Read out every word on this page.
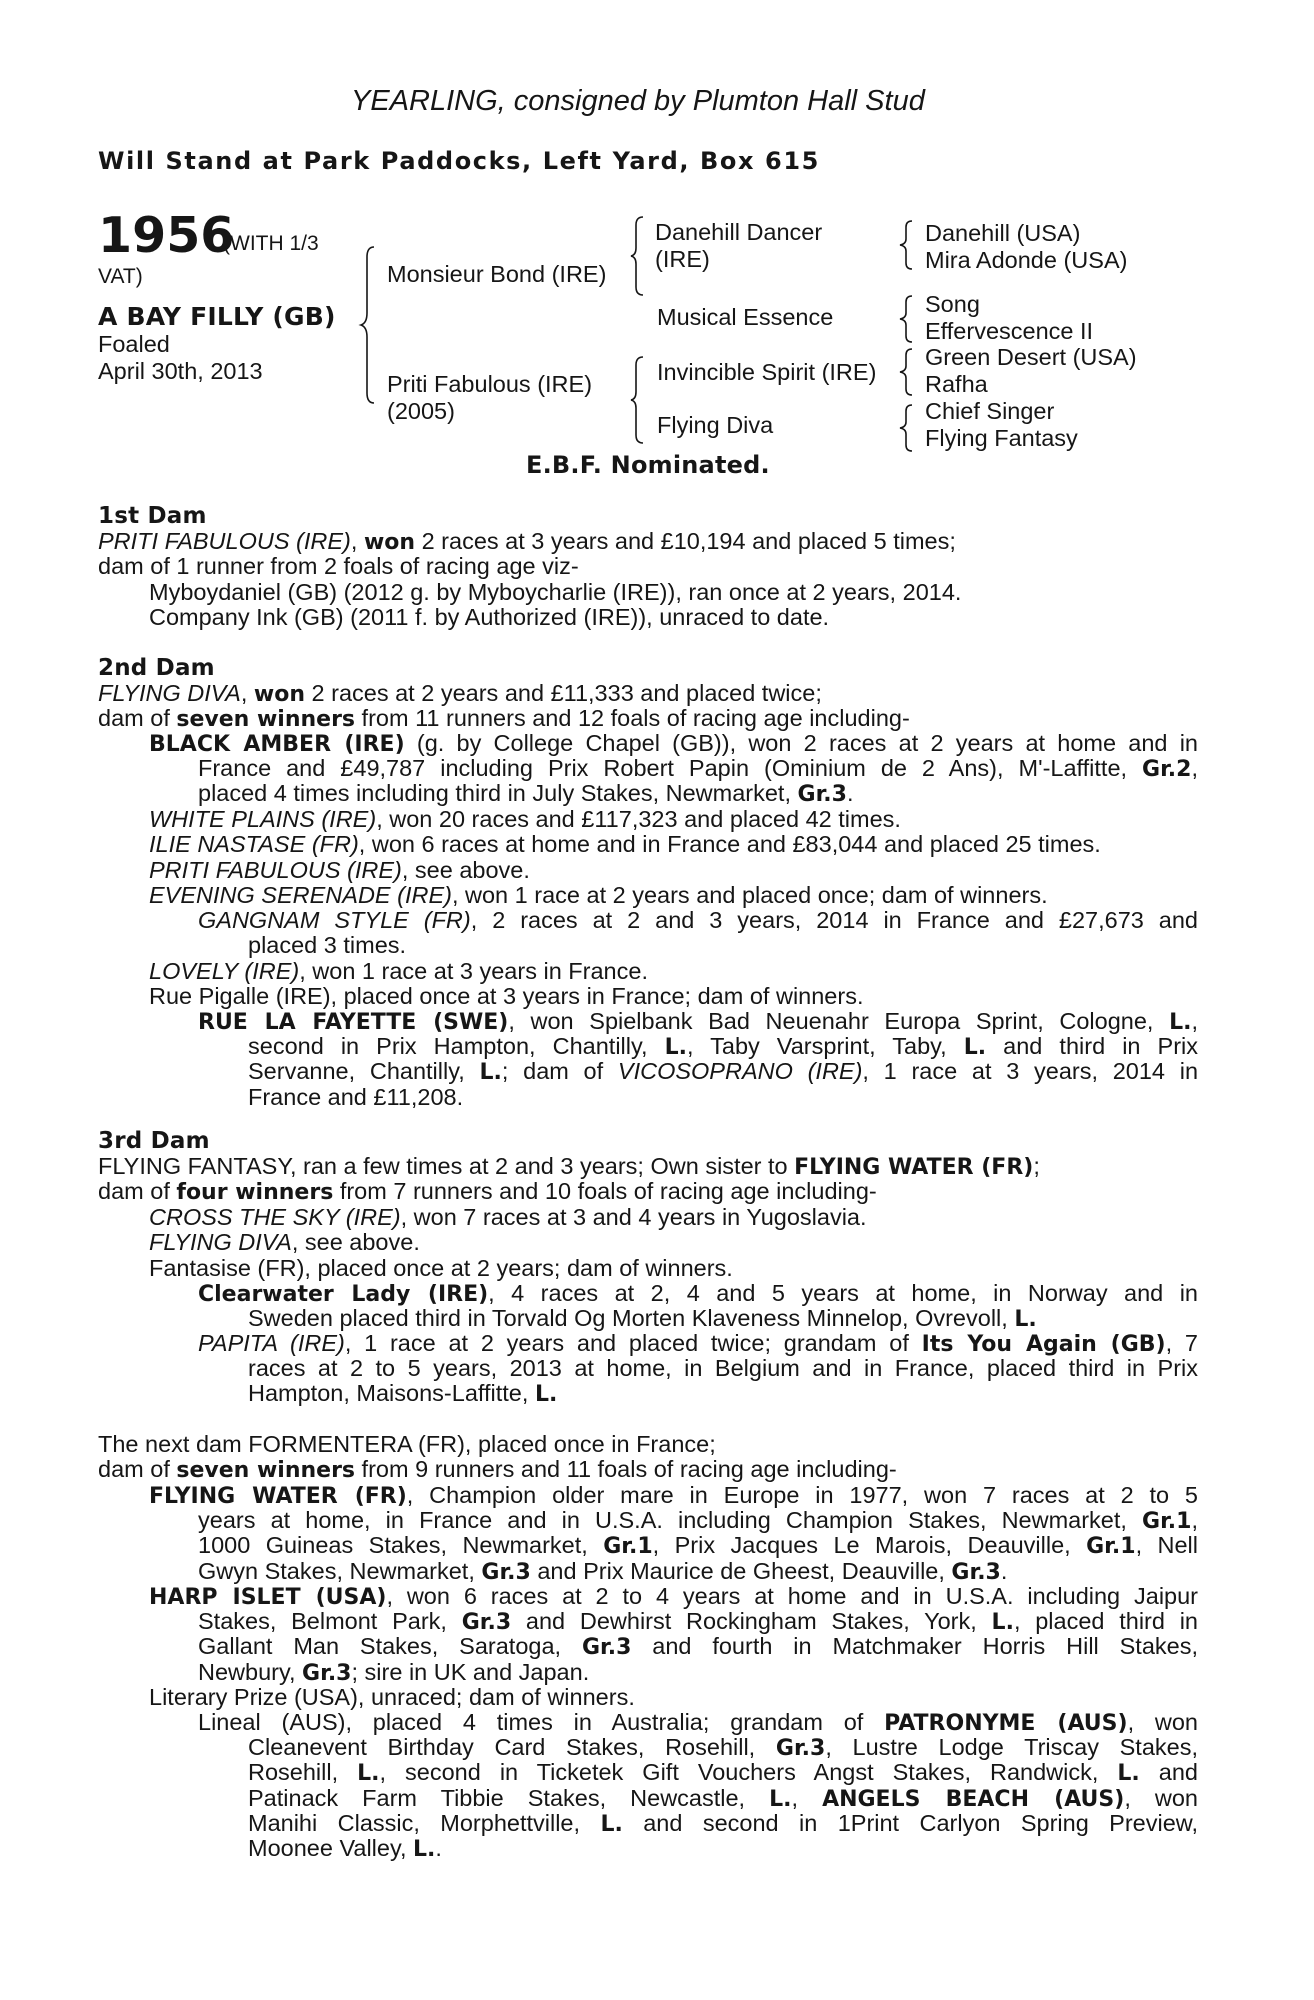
YEARLING, consigned by Plumton Hall Stud
Will Stand at Park Paddocks, Left Yard, Box 615
1956
(WITH 1/3
VAT)
A BAY FILLY (GB)
Foaled
April 30th, 2013
Monsieur Bond (IRE)
Priti Fabulous (IRE)
(2005)
Danehill Dancer
(IRE)
Musical Essence
Invincible Spirit (IRE)
Flying Diva
Danehill (USA)
Mira Adonde (USA)
Song
Effervescence II
Green Desert (USA)
Rafha
Chief Singer
Flying Fantasy
E.B.F. Nominated.
1st Dam
PRITI FABULOUS (IRE), won 2 races at 3 years and £10,194 and placed 5 times;
dam of 1 runner from 2 foals of racing age viz-
Myboydaniel (GB) (2012 g. by Myboycharlie (IRE)), ran once at 2 years, 2014.
Company Ink (GB) (2011 f. by Authorized (IRE)), unraced to date.
2nd Dam
FLYING DIVA, won 2 races at 2 years and £11,333 and placed twice;
dam of seven winners from 11 runners and 12 foals of racing age including-
BLACK AMBER (IRE) (g. by College Chapel (GB)), won 2 races at 2 years at home and in
France and £49,787 including Prix Robert Papin (Ominium de 2 Ans), M'-Laffitte, Gr.2,
placed 4 times including third in July Stakes, Newmarket, Gr.3.
WHITE PLAINS (IRE), won 20 races and £117,323 and placed 42 times.
ILIE NASTASE (FR), won 6 races at home and in France and £83,044 and placed 25 times.
PRITI FABULOUS (IRE), see above.
EVENING SERENADE (IRE), won 1 race at 2 years and placed once; dam of winners.
GANGNAM STYLE (FR), 2 races at 2 and 3 years, 2014 in France and £27,673 and
placed 3 times.
LOVELY (IRE), won 1 race at 3 years in France.
Rue Pigalle (IRE), placed once at 3 years in France; dam of winners.
RUE LA FAYETTE (SWE), won Spielbank Bad Neuenahr Europa Sprint, Cologne, L.,
second in Prix Hampton, Chantilly, L., Taby Varsprint, Taby, L. and third in Prix
Servanne, Chantilly, L.; dam of VICOSOPRANO (IRE), 1 race at 3 years, 2014 in
France and £11,208.
3rd Dam
FLYING FANTASY, ran a few times at 2 and 3 years; Own sister to FLYING WATER (FR);
dam of four winners from 7 runners and 10 foals of racing age including-
CROSS THE SKY (IRE), won 7 races at 3 and 4 years in Yugoslavia.
FLYING DIVA, see above.
Fantasise (FR), placed once at 2 years; dam of winners.
Clearwater Lady (IRE), 4 races at 2, 4 and 5 years at home, in Norway and in
Sweden placed third in Torvald Og Morten Klaveness Minnelop, Ovrevoll, L.
PAPITA (IRE), 1 race at 2 years and placed twice; grandam of Its You Again (GB), 7
races at 2 to 5 years, 2013 at home, in Belgium and in France, placed third in Prix
Hampton, Maisons-Laffitte, L.
The next dam FORMENTERA (FR), placed once in France;
dam of seven winners from 9 runners and 11 foals of racing age including-
FLYING WATER (FR), Champion older mare in Europe in 1977, won 7 races at 2 to 5
years at home, in France and in U.S.A. including Champion Stakes, Newmarket, Gr.1,
1000 Guineas Stakes, Newmarket, Gr.1, Prix Jacques Le Marois, Deauville, Gr.1, Nell
Gwyn Stakes, Newmarket, Gr.3 and Prix Maurice de Gheest, Deauville, Gr.3.
HARP ISLET (USA), won 6 races at 2 to 4 years at home and in U.S.A. including Jaipur
Stakes, Belmont Park, Gr.3 and Dewhirst Rockingham Stakes, York, L., placed third in
Gallant Man Stakes, Saratoga, Gr.3 and fourth in Matchmaker Horris Hill Stakes,
Newbury, Gr.3; sire in UK and Japan.
Literary Prize (USA), unraced; dam of winners.
Lineal (AUS), placed 4 times in Australia; grandam of PATRONYME (AUS), won
Cleanevent Birthday Card Stakes, Rosehill, Gr.3, Lustre Lodge Triscay Stakes,
Rosehill, L., second in Ticketek Gift Vouchers Angst Stakes, Randwick, L. and
Patinack Farm Tibbie Stakes, Newcastle, L., ANGELS BEACH (AUS), won
Manihi Classic, Morphettville, L. and second in 1Print Carlyon Spring Preview,
Moonee Valley, L..
